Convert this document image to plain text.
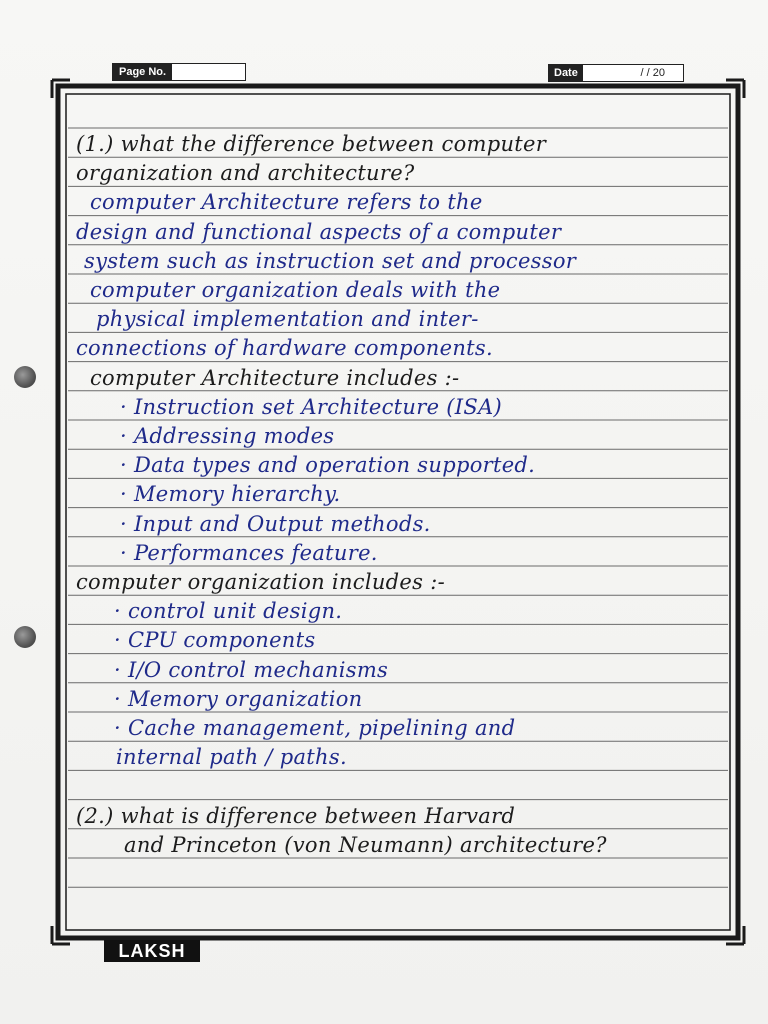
Page No.	Date	/ / 20
(1.) what the difference between computer
organization and architecture?
computer Architecture refers to the
design and functional aspects of a computer
system such as instruction set and processor
computer organization deals with the
physical implementation and inter-
connections of hardware components.
computer Architecture includes :-
· Instruction set Architecture (ISA)
· Addressing modes
· Data types and operation supported.
· Memory hierarchy.
· Input and Output methods.
· Performances feature.
computer organization includes :-
· control unit design.
· CPU components
· I/O control mechanisms
· Memory organization
· Cache management, pipelining and
internal path / paths.
(2.) what is difference between Harvard
and Princeton (von Neumann) architecture?
LAKSH
